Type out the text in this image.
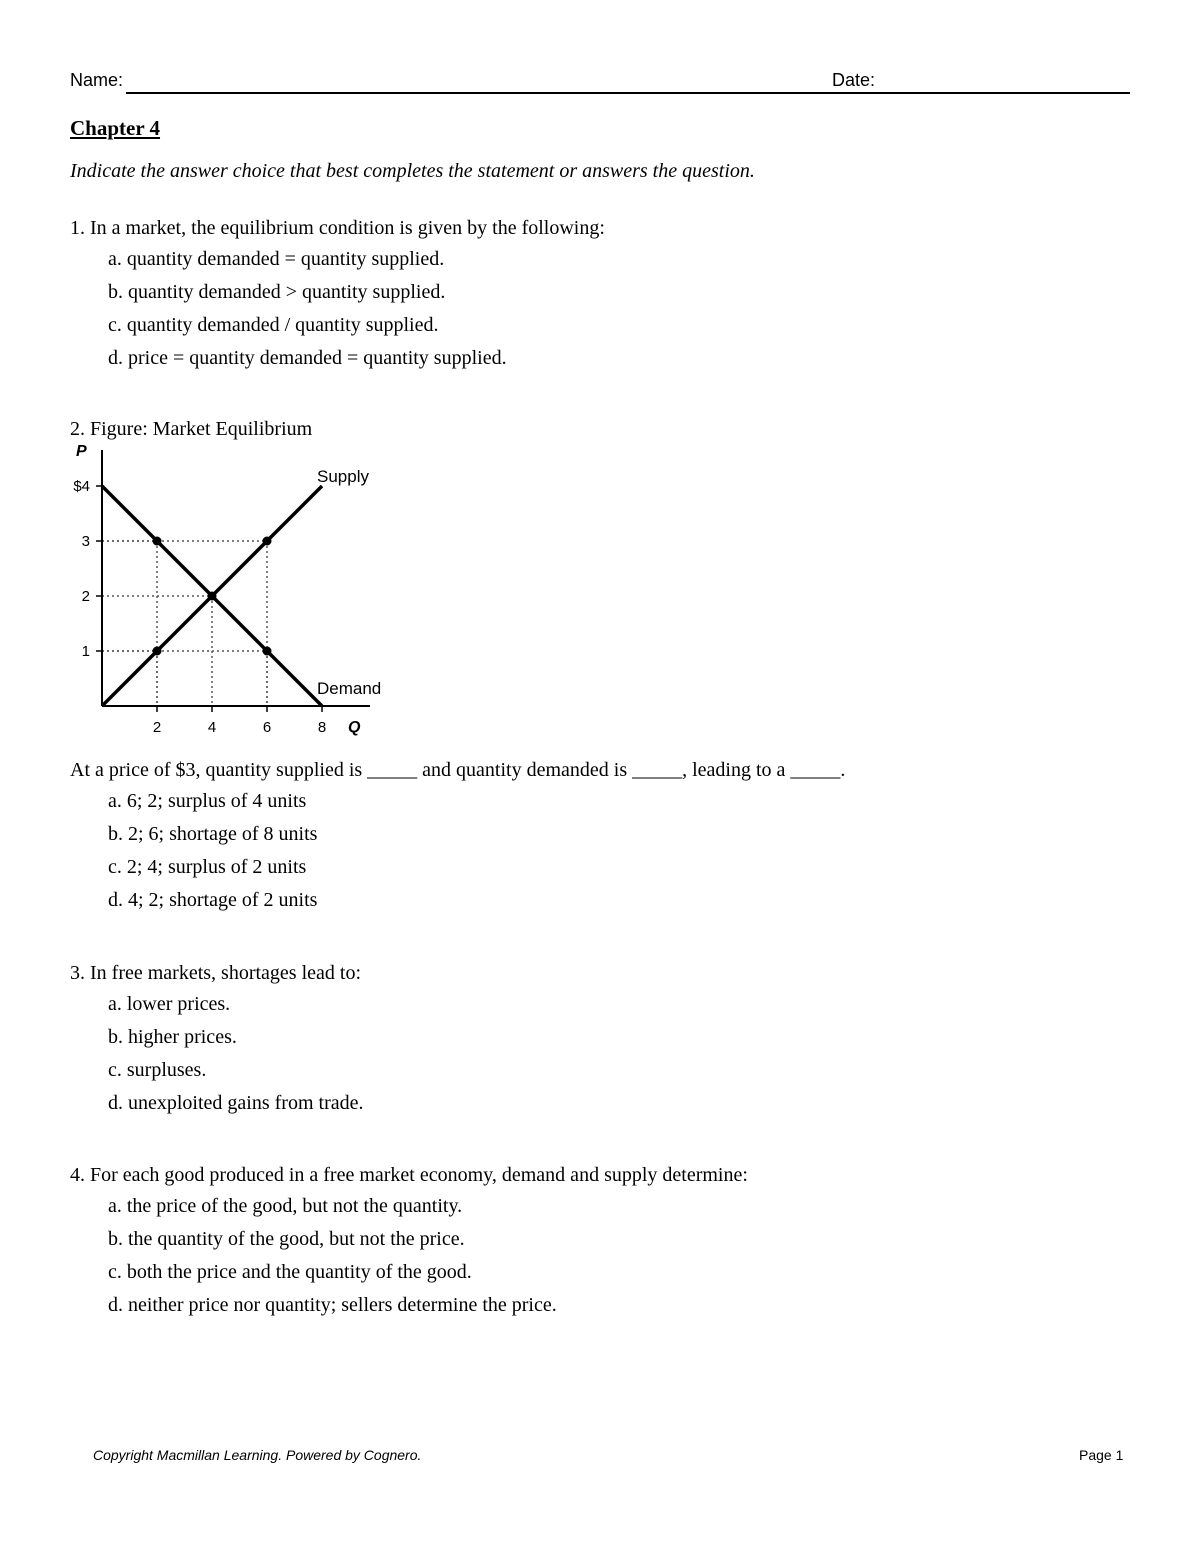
Name:	Date:
Chapter 4
Indicate the answer choice that best completes the statement or answers the question.
1. In a market, the equilibrium condition is given by the following:
a. quantity demanded = quantity supplied.
b. quantity demanded > quantity supplied.
c. quantity demanded / quantity supplied.
d. price = quantity demanded = quantity supplied.
2. Figure: Market Equilibrium
2	4	6	8
1
2
3
$4
P
Q
Supply
Demand
At a price of $3, quantity supplied is _____ and quantity demanded is _____, leading to a _____.
a. 6; 2; surplus of 4 units
b. 2; 6; shortage of 8 units
c. 2; 4; surplus of 2 units
d. 4; 2; shortage of 2 units
3. In free markets, shortages lead to:
a. lower prices.
b. higher prices.
c. surpluses.
d. unexploited gains from trade.
4. For each good produced in a free market economy, demand and supply determine:
a. the price of the good, but not the quantity.
b. the quantity of the good, but not the price.
c. both the price and the quantity of the good.
d. neither price nor quantity; sellers determine the price.
Copyright Macmillan Learning. Powered by Cognero.	Page 1
